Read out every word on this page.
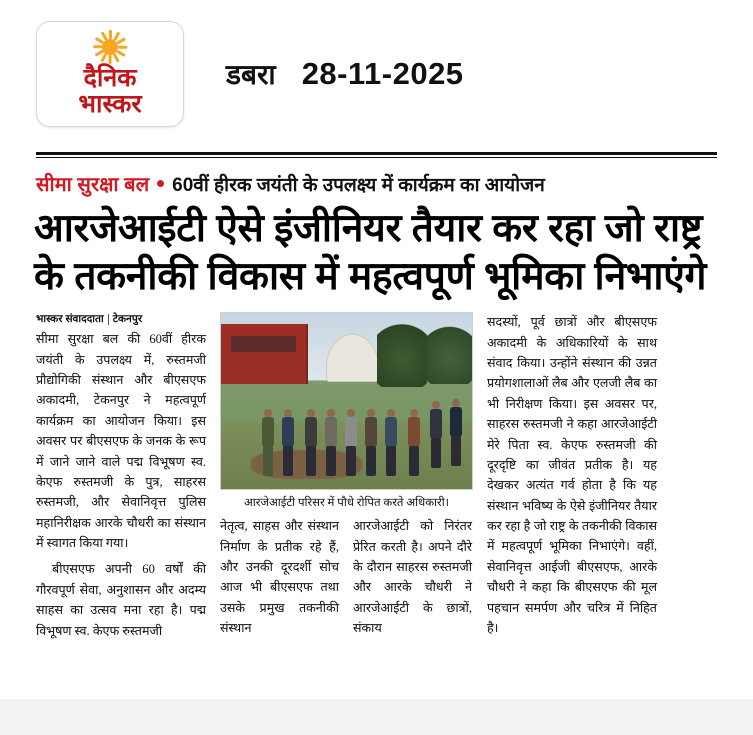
दैनिक
भास्कर
डबरा 28-11-2025
सीमा सुरक्षा बल 60वीं हीरक जयंती के उपलक्ष्य में कार्यक्रम का आयोजन
आरजेआईटी ऐसे इंजीनियर तैयार कर रहा जो राष्ट्र
के तकनीकी विकास में महत्वपूर्ण भूमिका निभाएंगे
भास्कर संवाददाता टेकनपुर

सीमा सुरक्षा बल की 60वीं हीरक जयंती के उपलक्ष्य में, रुस्तमजी प्रौद्योगिकी संस्थान और बीएसएफ अकादमी, टेकनपुर ने महत्वपूर्ण कार्यक्रम का आयोजन किया। इस अवसर पर बीएसएफ के जनक के रूप में जाने जाने वाले पद्म विभूषण स्व. केएफ रुस्तमजी के पुत्र, साहरस रुस्तमजी, और सेवानिवृत्त पुलिस महानिरीक्षक आरके चौधरी का संस्थान में स्वागत किया गया।

बीएसएफ अपनी 60 वर्षों की गौरवपूर्ण सेवा, अनुशासन और अदम्य साहस का उत्सव मना रहा है। पद्म विभूषण स्व. केएफ रुस्तमजी

आरजेआईटी परिसर में पौधे रोपित करते अधिकारी।

नेतृत्व, साहस और संस्थान निर्माण के प्रतीक रहे हैं, और उनकी दूरदर्शी सोच आज भी बीएसएफ तथा उसके प्रमुख तकनीकी संस्थान

आरजेआईटी को निरंतर प्रेरित करती है। अपने दौरे के दौरान साहरस रुस्तमजी और आरके चौधरी ने आरजेआईटी के छात्रों, संकाय

सदस्यों, पूर्व छात्रों और बीएसएफ अकादमी के अधिकारियों के साथ संवाद किया। उन्होंने संस्थान की उन्नत प्रयोगशालाओं लैब और एलजी लैब का भी निरीक्षण किया। इस अवसर पर, साहरस रुस्तमजी ने कहा आरजेआईटी मेरे पिता स्व. केएफ रुस्तमजी की दूरदृष्टि का जीवंत प्रतीक है। यह देखकर अत्यंत गर्व होता है कि यह संस्थान भविष्य के ऐसे इंजीनियर तैयार कर रहा है जो राष्ट्र के तकनीकी विकास में महत्वपूर्ण भूमिका निभाएंगे। वहीं, सेवानिवृत्त आईजी बीएसएफ, आरके चौधरी ने कहा कि बीएसएफ की मूल पहचान समर्पण और चरित्र में निहित है।
